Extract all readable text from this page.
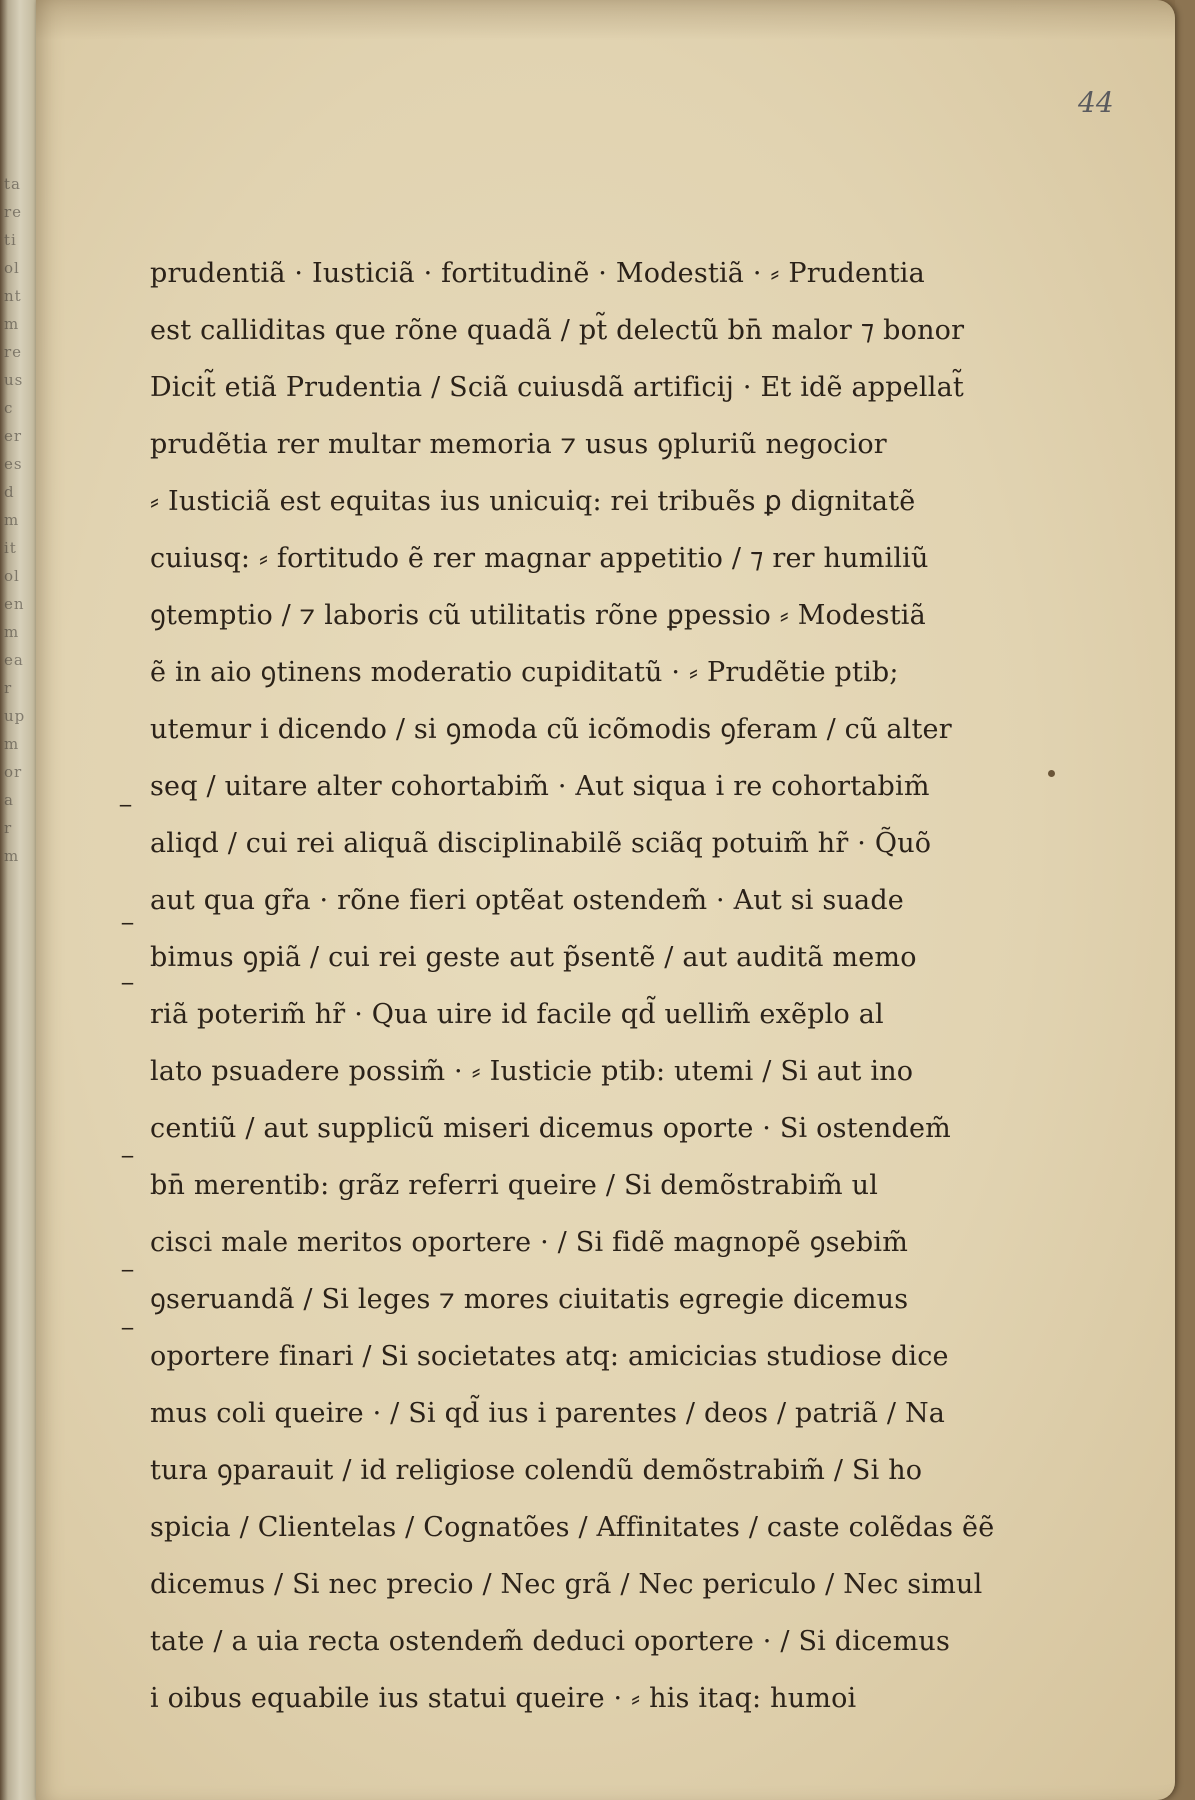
ta
re
ti
ol
nt
m
re
us
c
er
es
d
m
it
ol
en
m
ea
r
up
m
or
a
r
m
44
_
_
_
_
_
_
prudentiã · Iusticiã · fortitudinẽ · Modestiã · ⸗ Prudentia
est calliditas que rõne quadã / pt̃ delectũ bn̄ malor ⁊ bonor
Dicit̃ etiã Prudentia / Sciã cuiusdã artificij · Et idẽ appellat̃
prudẽtia rer multar memoria ⁊ usus ꝯpluriũ negocior
⸗ Iusticiã est equitas ius unicuiq: rei tribuẽs ꝑ dignitatẽ
cuiusq: ⸗ fortitudo ẽ rer magnar appetitio / ⁊ rer humiliũ
ꝯtemptio / ⁊ laboris cũ utilitatis rõne ꝑpessio ⸗ Modestiã
ẽ in aio ꝯtinens moderatio cupiditatũ · ⸗ Prudẽtie ptib;
utemur i dicendo / si ꝯmoda cũ icõmodis ꝯferam / cũ alter
seq / uitare alter cohortabim̃ · Aut siqua i re cohortabim̃
aliqd / cui rei aliquã disciplinabilẽ sciãq potuim̃ hr̃ · Q̃uõ
aut qua gr̃a · rõne fieri optẽat ostendem̃ · Aut si suade
bimus ꝯpiã / cui rei geste aut p̃sentẽ / aut auditã memo
riã poterim̃ hr̃ · Qua uire id facile qd̃ uellim̃ exẽplo al
lato psuadere possim̃ · ⸗ Iusticie ptib: utemi / Si aut ino
centiũ / aut supplicũ miseri dicemus oporte · Si ostendem̃
bn̄ merentib: grãz referri queire / Si demõstrabim̃ ul
cisci male meritos oportere · / Si fidẽ magnopẽ ꝯsebim̃
ꝯseruandã / Si leges ⁊ mores ciuitatis egregie dicemus
oportere finari / Si societates atq: amicicias studiose dice
mus coli queire · / Si qd̃ ius i parentes / deos / patriã / Na
tura ꝯparauit / id religiose colendũ demõstrabim̃ / Si ho
spicia / Clientelas / Cognatões / Affinitates / caste colẽdas ẽẽ
dicemus / Si nec precio / Nec grã / Nec periculo / Nec simul
tate / a uia recta ostendem̃ deduci oportere · / Si dicemus
i oibus equabile ius statui queire · ⸗ his itaq: humoi
